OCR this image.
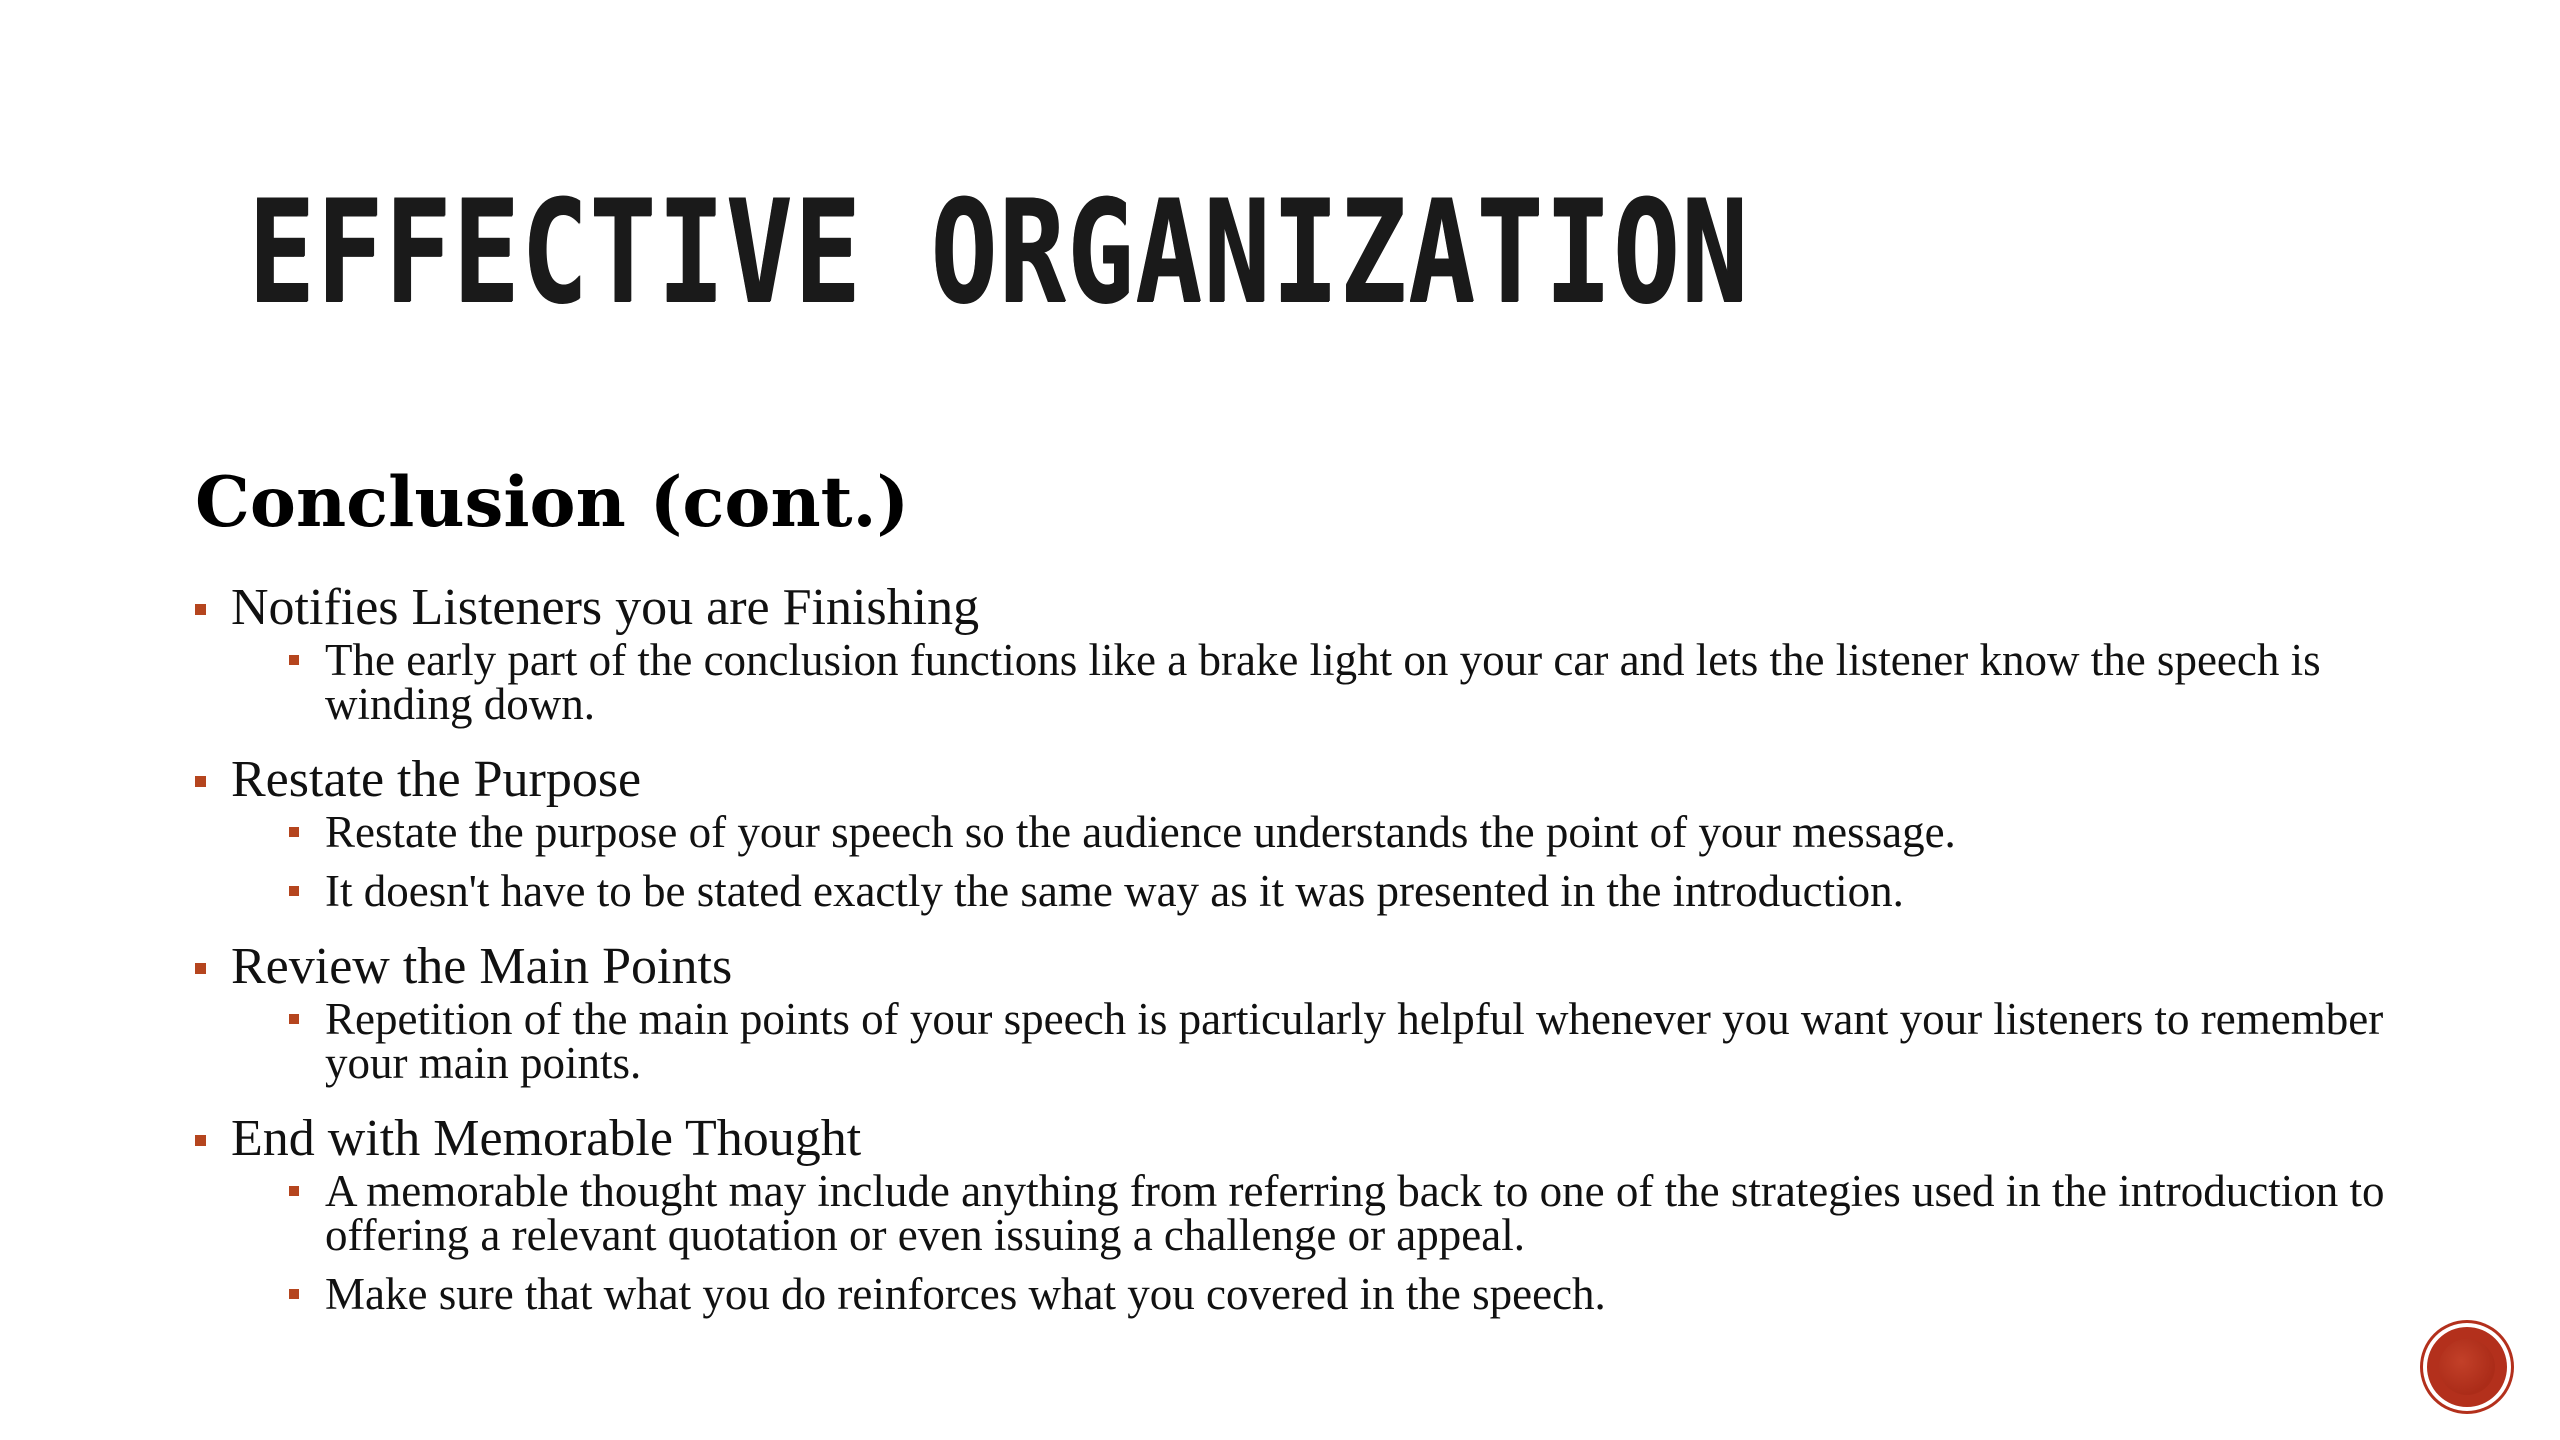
EFFECTIVE ORGANIZATION
Conclusion (cont.)
Notifies Listeners you are Finishing
The early part of the conclusion functions like a brake light on your car and lets the listener know the speech is winding down.
Restate the Purpose
Restate the purpose of your speech so the audience understands the point of your message.
It doesn't have to be stated exactly the same way as it was presented in the introduction.
Review the Main Points
Repetition of the main points of your speech is particularly helpful whenever you want your listeners to remember your main points.
End with Memorable Thought
A memorable thought may include anything from referring back to one of the strategies used in the introduction to offering a relevant quotation or even issuing a challenge or appeal.
Make sure that what you do reinforces what you covered in the speech.
